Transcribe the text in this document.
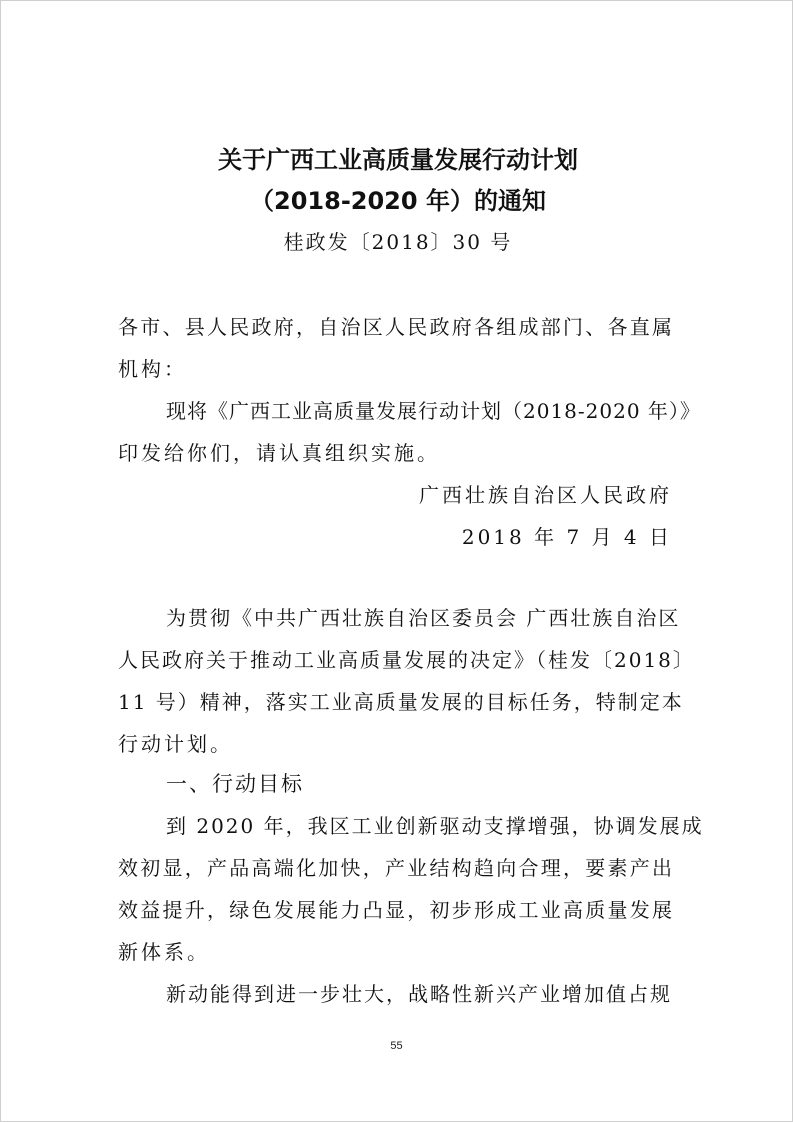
关于广西工业高质量发展行动计划
（2018-2020 年）的通知
桂政发〔2018〕30 号
各市、县人民政府，自治区人民政府各组成部门、各直属
机构：
现将《广西工业高质量发展行动计划（2018-2020 年）》
印发给你们，请认真组织实施。
广西壮族自治区人民政府
2018 年 7 月 4 日
为贯彻《中共广西壮族自治区委员会 广西壮族自治区
人民政府关于推动工业高质量发展的决定》（桂发〔2018〕
11 号）精神，落实工业高质量发展的目标任务，特制定本
行动计划。
一、行动目标
到 2020 年，我区工业创新驱动支撑增强，协调发展成
效初显，产品高端化加快，产业结构趋向合理，要素产出
效益提升，绿色发展能力凸显，初步形成工业高质量发展
新体系。
新动能得到进一步壮大，战略性新兴产业增加值占规
55
